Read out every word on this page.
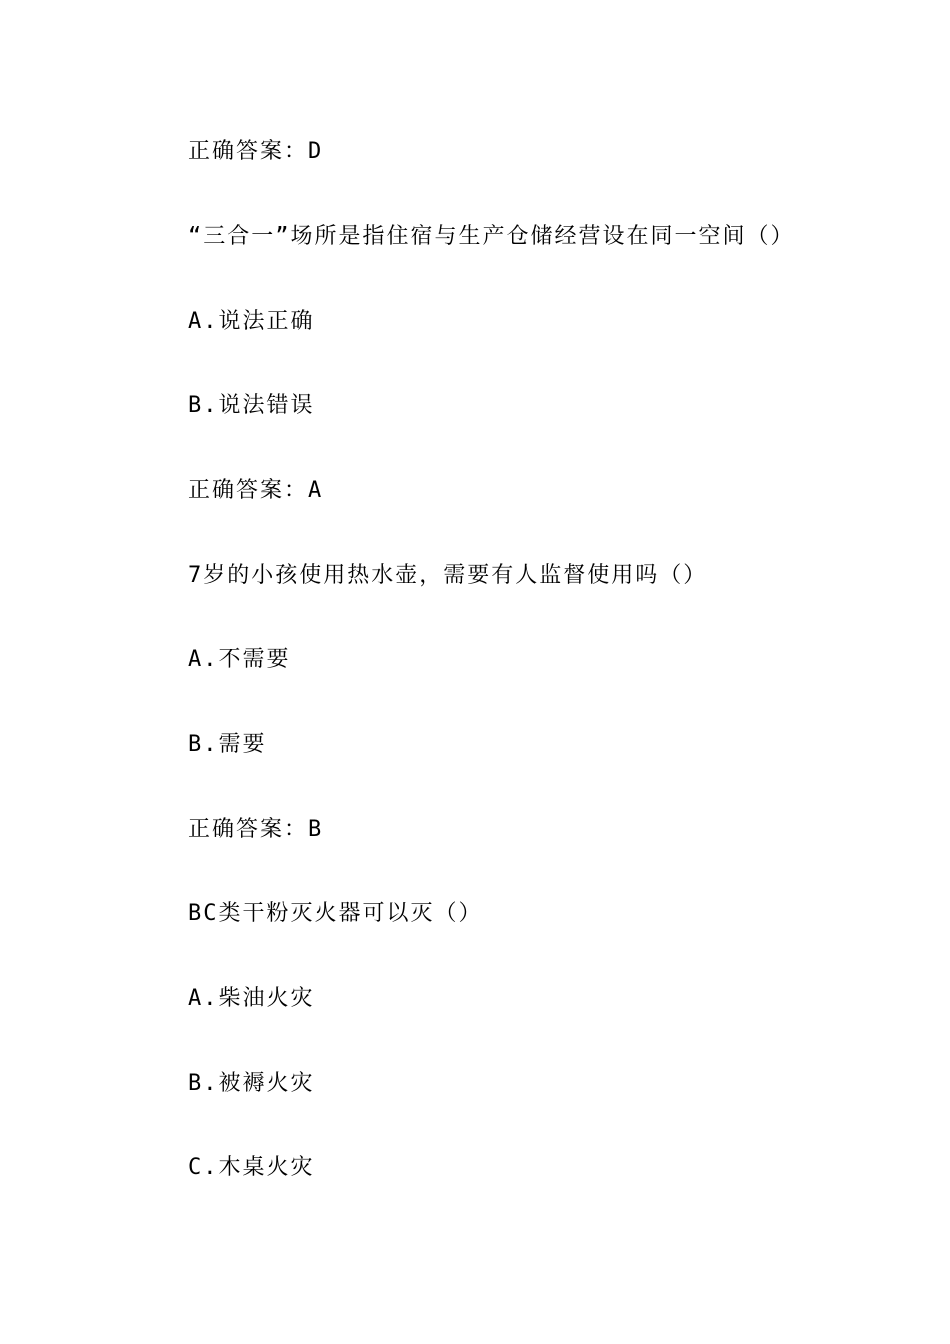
正确答案：D
“三合一”场所是指住宿与生产仓储经营设在同一空间（）
A.说法正确
B.说法错误
正确答案：A
7岁的小孩使用热水壶，需要有人监督使用吗（）
A.不需要
B.需要
正确答案：B
BC类干粉灭火器可以灭（）
A.柴油火灾
B.被褥火灾
C.木桌火灾
